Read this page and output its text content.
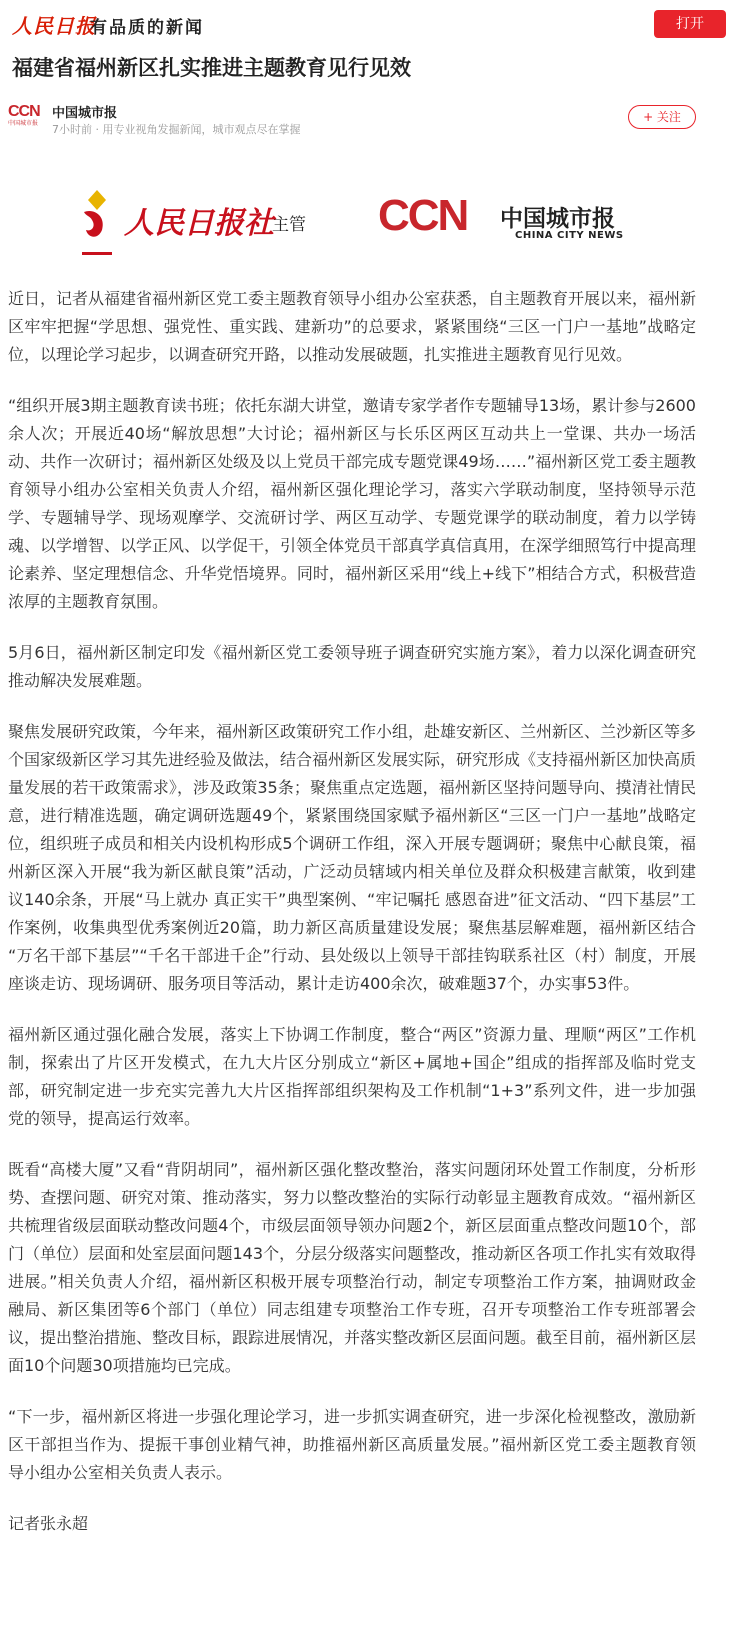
人民日报
有品质的新闻	打开
福建省福州新区扎实推进主题教育见行见效
CCN
中国城市报
中国城市报
7小时前 · 用专业视角发掘新闻，城市观点尽在掌握
+ 关注
人民日报社
主管 CCN 中国城市报
CHINA CITY NEWS

近日，记者从福建省福州新区党工委主题教育领导小组办公室获悉，自主题教育开展以来，福州新区牢牢把握“学思想、强党性、重实践、建新功”的总要求，紧紧围绕“三区一门户一基地”战略定位，以理论学习起步，以调查研究开路，以推动发展破题，扎实推进主题教育见行见效。

“组织开展3期主题教育读书班；依托东湖大讲堂，邀请专家学者作专题辅导13场，累计参与2600余人次；开展近40场“解放思想”大讨论；福州新区与长乐区两区互动共上一堂课、共办一场活动、共作一次研讨；福州新区处级及以上党员干部完成专题党课49场……”福州新区党工委主题教育领导小组办公室相关负责人介绍，福州新区强化理论学习，落实六学联动制度，坚持领导示范学、专题辅导学、现场观摩学、交流研讨学、两区互动学、专题党课学的联动制度，着力以学铸魂、以学增智、以学正风、以学促干，引领全体党员干部真学真信真用，在深学细照笃行中提高理论素养、坚定理想信念、升华党悟境界。同时，福州新区采用“线上+线下”相结合方式，积极营造浓厚的主题教育氛围。

5月6日，福州新区制定印发《福州新区党工委领导班子调查研究实施方案》，着力以深化调查研究推动解决发展难题。

聚焦发展研究政策，今年来，福州新区政策研究工作小组，赴雄安新区、兰州新区、兰沙新区等多个国家级新区学习其先进经验及做法，结合福州新区发展实际，研究形成《支持福州新区加快高质量发展的若干政策需求》，涉及政策35条；聚焦重点定选题，福州新区坚持问题导向、摸清社情民意，进行精准选题，确定调研选题49个，紧紧围绕国家赋予福州新区“三区一门户一基地”战略定位，组织班子成员和相关内设机构形成5个调研工作组，深入开展专题调研；聚焦中心献良策，福州新区深入开展“我为新区献良策”活动，广泛动员辖域内相关单位及群众积极建言献策，收到建议140余条，开展“马上就办 真正实干”典型案例、“牢记嘱托 感恩奋进”征文活动、“四下基层”工作案例，收集典型优秀案例近20篇，助力新区高质量建设发展；聚焦基层解难题，福州新区结合 “万名干部下基层”“千名干部进千企”行动、县处级以上领导干部挂钩联系社区（村）制度，开展座谈走访、现场调研、服务项目等活动，累计走访400余次，破难题37个，办实事53件。

福州新区通过强化融合发展，落实上下协调工作制度，整合“两区”资源力量、理顺“两区”工作机制，探索出了片区开发模式，在九大片区分别成立“新区+属地+国企”组成的指挥部及临时党支部，研究制定进一步充实完善九大片区指挥部组织架构及工作机制“1+3”系列文件，进一步加强党的领导，提高运行效率。

既看“高楼大厦”又看“背阴胡同”，福州新区强化整改整治，落实问题闭环处置工作制度，分析形势、查摆问题、研究对策、推动落实，努力以整改整治的实际行动彰显主题教育成效。“福州新区共梳理省级层面联动整改问题4个，市级层面领导领办问题2个，新区层面重点整改问题10个，部门（单位）层面和处室层面问题143个，分层分级落实问题整改，推动新区各项工作扎实有效取得进展。”相关负责人介绍，福州新区积极开展专项整治行动，制定专项整治工作方案，抽调财政金融局、新区集团等6个部门（单位）同志组建专项整治工作专班，召开专项整治工作专班部署会议，提出整治措施、整改目标，跟踪进展情况，并落实整改新区层面问题。截至目前，福州新区层面10个问题30项措施均已完成。

“下一步，福州新区将进一步强化理论学习，进一步抓实调查研究，进一步深化检视整改，激励新区干部担当作为、提振干事创业精气神，助推福州新区高质量发展。”福州新区党工委主题教育领导小组办公室相关负责人表示。

记者张永超
